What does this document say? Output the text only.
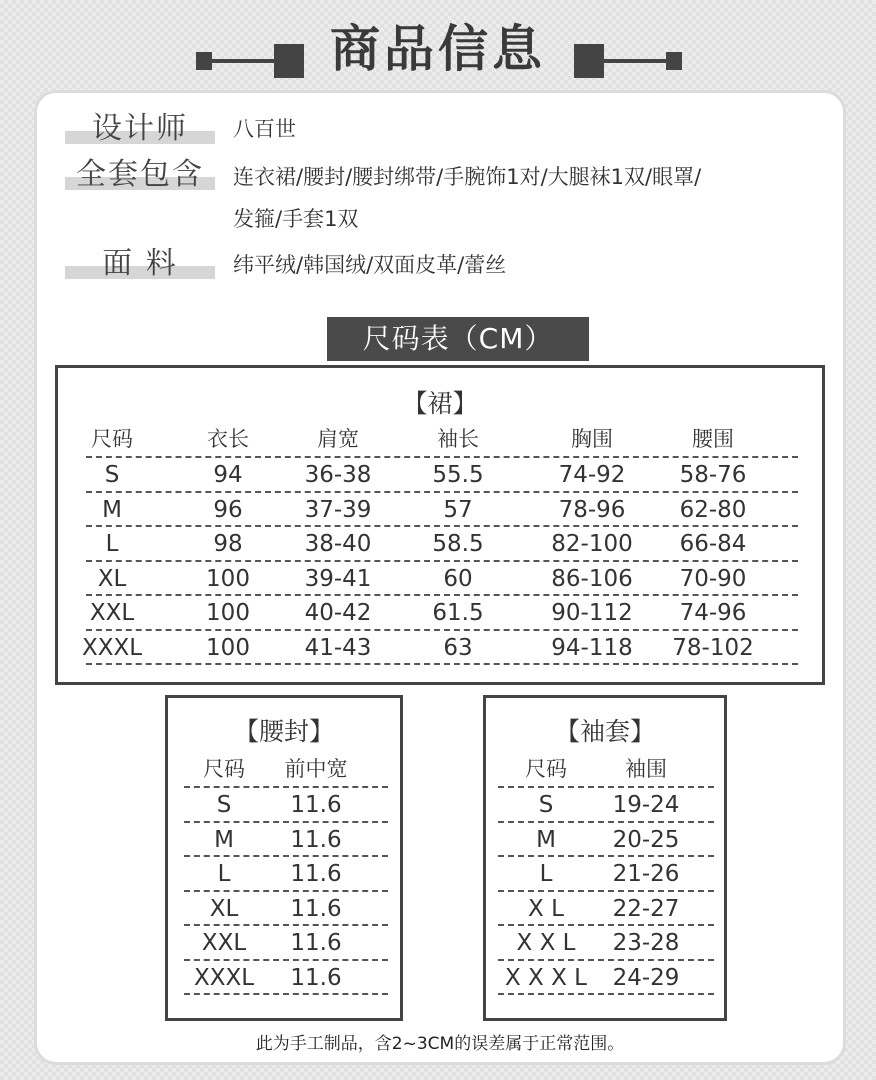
商品信息
设计师	八百世
全套包含	连衣裙/腰封/腰封绑带/手腕饰1对/大腿袜1双/眼罩/
发箍/手套1双
面 料	纬平绒/韩国绒/双面皮革/蕾丝
尺码表（CM）
【裙】
尺码	衣长	肩宽	袖长	胸围	腰围
S	94	36-38	55.5	74-92	58-76
M	96	37-39	57	78-96	62-80
L	98	38-40	58.5	82-100	66-84
XL	100	39-41	60	86-106	70-90
XXL	100	40-42	61.5	90-112	74-96
XXXL	100	41-43	63	94-118	78-102
【腰封】
尺码	前中宽
S	11.6
M	11.6
L	11.6
XL	11.6
XXL	11.6
XXXL	11.6
【袖套】
尺码	袖围
S	19-24
M	20-25
L	21-26
X L	22-27
X X L	23-28
X X X L	24-29
此为手工制品，含2~3CM的误差属于正常范围。
